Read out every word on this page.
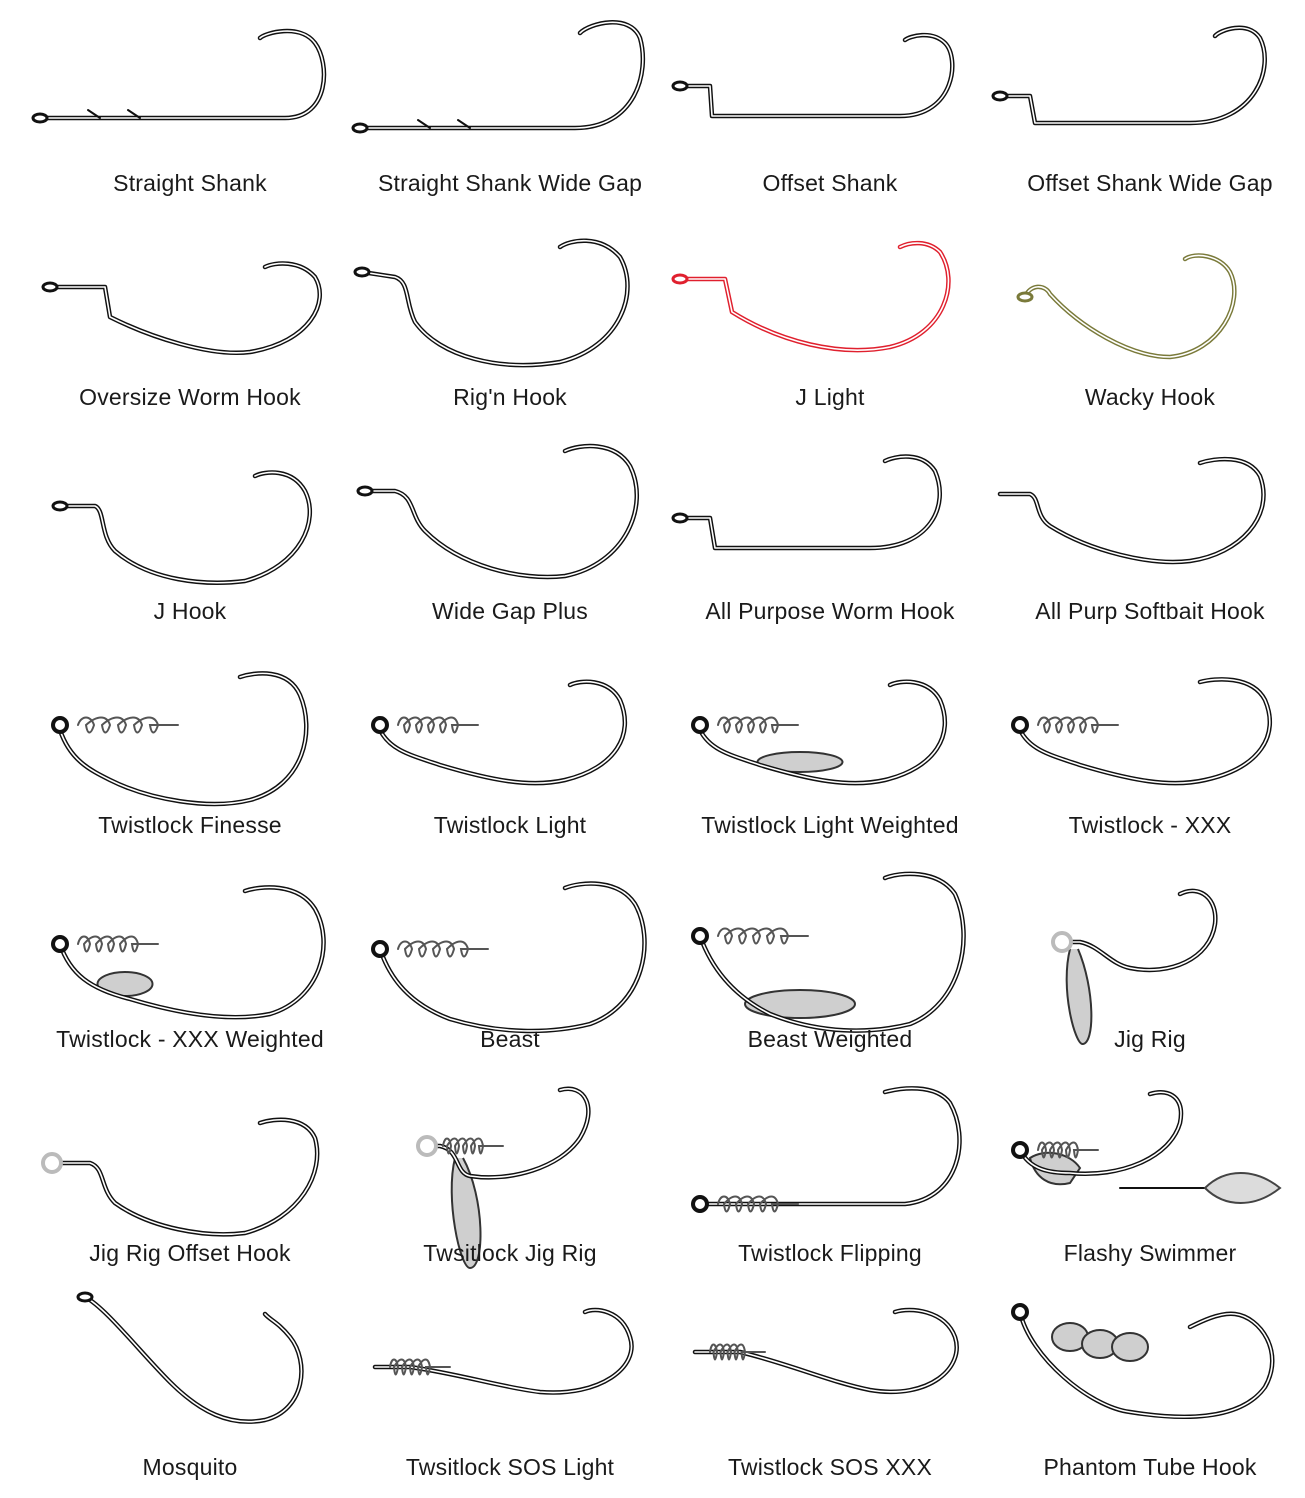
Straight Shank	Straight Shank Wide Gap	Offset Shank	Offset Shank Wide Gap
Oversize Worm Hook	Rig'n Hook	J Light	Wacky Hook
J Hook	Wide Gap Plus	All Purpose Worm Hook	All Purp Softbait Hook
Twistlock Finesse	Twistlock Light	Twistlock Light Weighted	Twistlock - XXX
Twistlock - XXX Weighted	Beast	Beast Weighted	Jig Rig
Jig Rig Offset Hook	Twsitlock Jig Rig	Twistlock Flipping	Flashy Swimmer
Mosquito	Twsitlock SOS Light	Twistlock SOS XXX	Phantom Tube Hook
